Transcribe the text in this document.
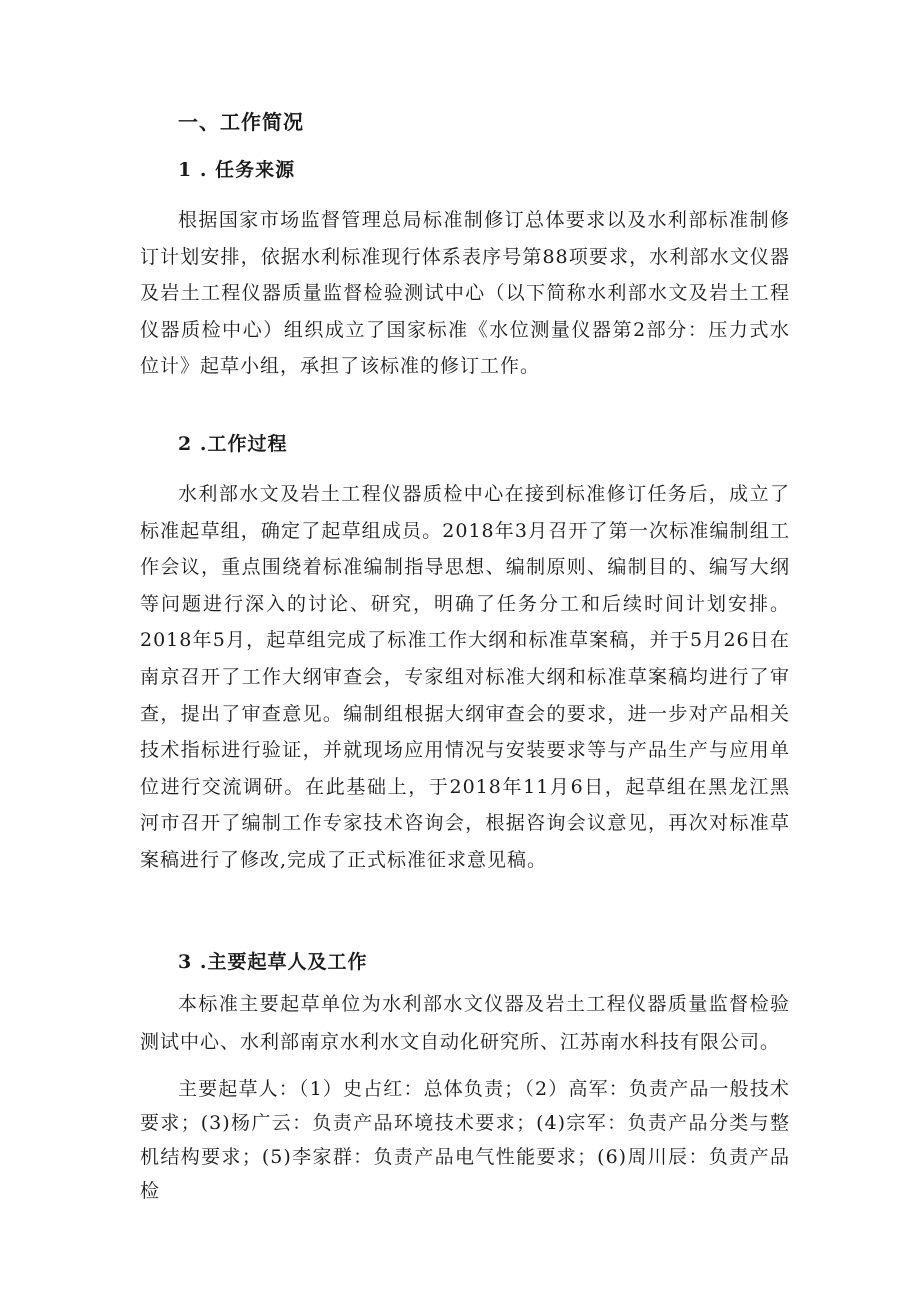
一、工作简况
1 . 任务来源

根据国家市场监督管理总局标准制修订总体要求以及水利部标准制修订计划安排，依据水利标准现行体系表序号第88项要求，水利部水文仪器及岩土工程仪器质量监督检验测试中心（以下简称水利部水文及岩土工程仪器质检中心）组织成立了国家标准《水位测量仪器第2部分：压力式水位计》起草小组，承担了该标准的修订工作。

2 .工作过程

水利部水文及岩土工程仪器质检中心在接到标准修订任务后，成立了标准起草组，确定了起草组成员。2018年3月召开了第一次标准编制组工作会议，重点围绕着标准编制指导思想、编制原则、编制目的、编写大纲等问题进行深入的讨论、研究，明确了任务分工和后续时间计划安排。2018年5月，起草组完成了标准工作大纲和标准草案稿，并于5月26日在南京召开了工作大纲审查会，专家组对标准大纲和标准草案稿均进行了审查，提出了审查意见。编制组根据大纲审查会的要求，进一步对产品相关技术指标进行验证，并就现场应用情况与安装要求等与产品生产与应用单位进行交流调研。在此基础上，于2018年11月6日，起草组在黑龙江黑河市召开了编制工作专家技术咨询会，根据咨询会议意见，再次对标准草案稿进行了修改,完成了正式标准征求意见稿。

3 .主要起草人及工作

本标准主要起草单位为水利部水文仪器及岩土工程仪器质量监督检验测试中心、水利部南京水利水文自动化研究所、江苏南水科技有限公司。

主要起草人：（1）史占红：总体负责；（2）高军：负责产品一般技术要求；(3)杨广云：负责产品环境技术要求；(4)宗军：负责产品分类与整机结构要求；(5)李家群：负责产品电气性能要求；(6)周川辰：负责产品检
